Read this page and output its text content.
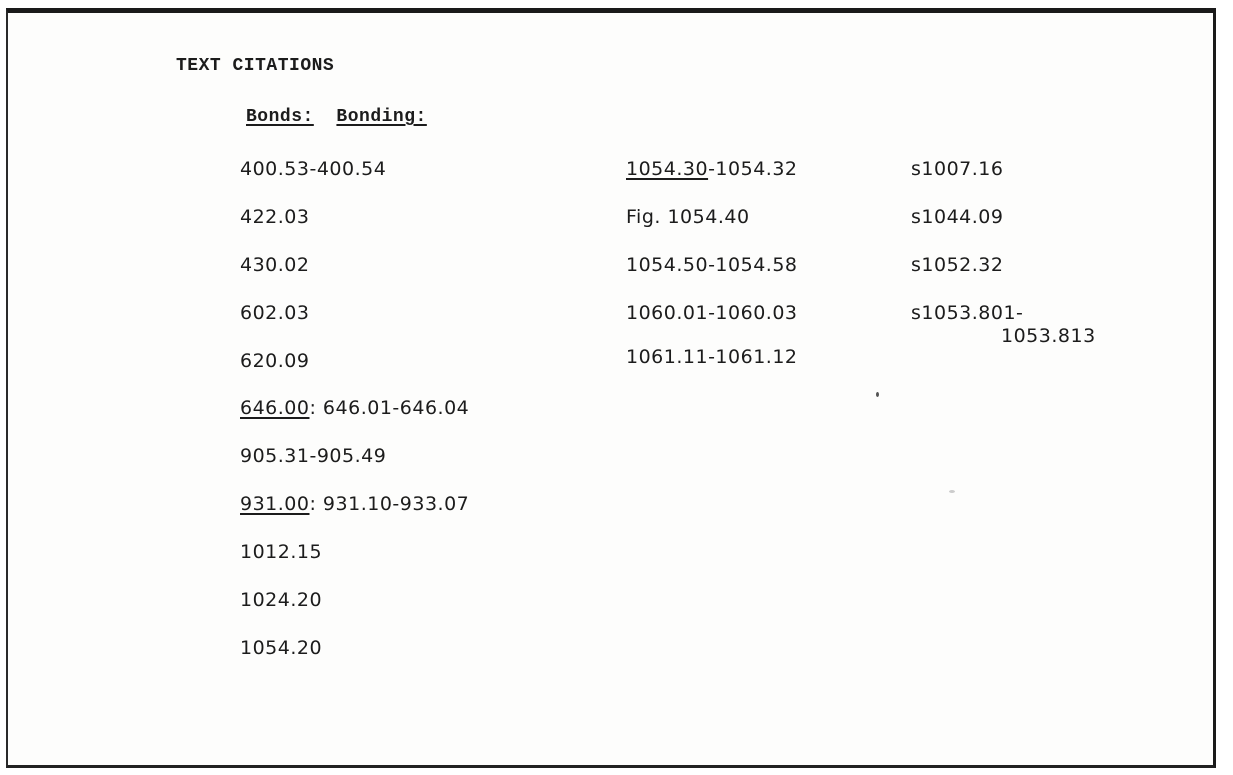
TEXT CITATIONS
Bonds: Bonding:
400.53-400.54
422.03
430.02
602.03
620.09
646.00: 646.01-646.04
905.31-905.49
931.00: 931.10-933.07
1012.15
1024.20
1054.20
1054.30-1054.32
Fig. 1054.40
1054.50-1054.58
1060.01-1060.03
1061.11-1061.12
s1007.16
s1044.09
s1052.32
s1053.801-
1053.813
